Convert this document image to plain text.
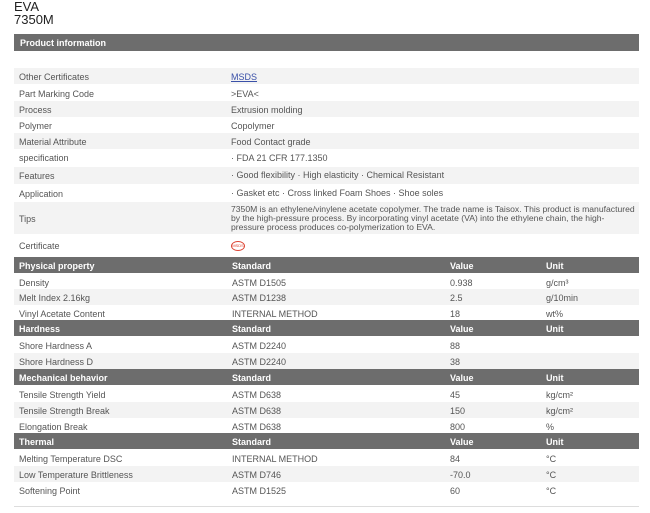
EVA
7350M
Product information
Other Certificates	MSDS
Part Marking Code	>EVA<
Process	Extrusion molding
Polymer	Copolymer
Material Attribute	Food Contact grade
specification	· FDA 21 CFR 177.1350
Features	· Good flexibility · High elasticity · Chemical Resistant
Application	· Gasket etc · Cross linked Foam Shoes · Shoe soles
Tips
7350M is an ethylene/vinylene acetate copolymer. The trade name is Taisox. This product is manufactured by the high-pressure process. By incorporating vinyl acetate (VA) into the ethylene chain, the high-pressure process produces co-polymerization to EVA.
Certificate	MSDS
Physical property	Standard	Value	Unit
Density	ASTM D1505	0.938	g/cm³
Melt Index 2.16kg	ASTM D1238	2.5	g/10min
Vinyl Acetate Content	INTERNAL METHOD	18	wt%
Hardness	Standard	Value	Unit
Shore Hardness A	ASTM D2240	88
Shore Hardness D	ASTM D2240	38
Mechanical behavior	Standard	Value	Unit
Tensile Strength Yield	ASTM D638	45	kg/cm²
Tensile Strength Break	ASTM D638	150	kg/cm²
Elongation Break	ASTM D638	800	%
Thermal	Standard	Value	Unit
Melting Temperature DSC	INTERNAL METHOD	84	°C
Low Temperature Brittleness	ASTM D746	-70.0	°C
Softening Point	ASTM D1525	60	°C
